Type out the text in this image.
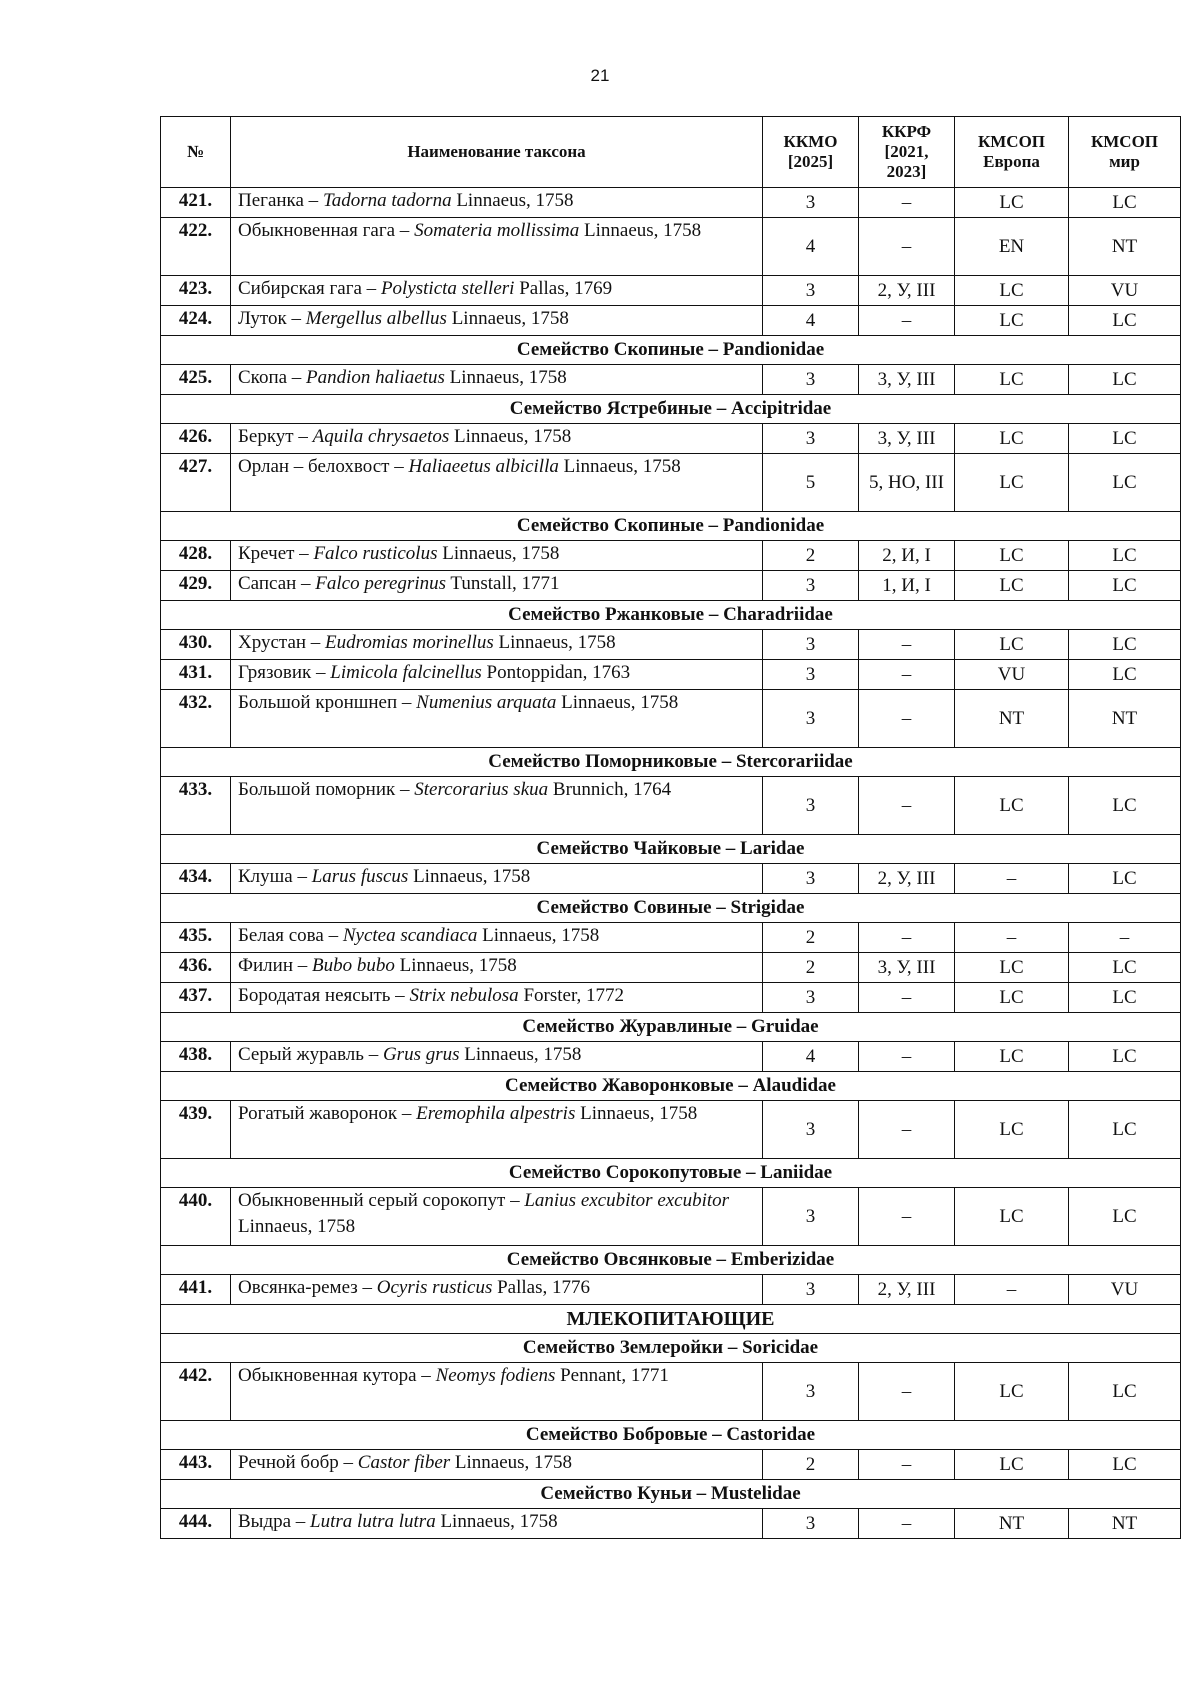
21
№	Наименование таксона	ККМО [2025]	ККРФ [2021, 2023]	КМСОП Европа	КМСОП мир
421.	Пеганка – Tadorna tadorna Linnaeus, 1758	3	–	LC	LC
422.	Обыкновенная гага – Somateria mollissima Linnaeus, 1758	4	–	EN	NT
423.	Сибирская гага – Polysticta stelleri Pallas, 1769	3	2, У, III	LC	VU
424.	Луток – Mergellus albellus Linnaeus, 1758	4	–	LC	LC
Семейство Скопиные – Pandionidae					
425.	Скопа – Pandion haliaetus Linnaeus, 1758	3	3, У, III	LC	LC
Семейство Ястребиные – Accipitridae					
426.	Беркут – Aquila chrysaetos Linnaeus, 1758	3	3, У, III	LC	LC
427.	Орлан – белохвост – Haliaeetus albicilla Linnaeus, 1758	5	5, НО, III	LC	LC
Семейство Скопиные – Pandionidae					
428.	Кречет – Falco rusticolus Linnaeus, 1758	2	2, И, I	LC	LC
429.	Сапсан – Falco peregrinus Tunstall, 1771	3	1, И, I	LC	LC
Семейство Ржанковые – Charadriidae					
430.	Хрустан – Eudromias morinellus Linnaeus, 1758	3	–	LC	LC
431.	Грязовик – Limicola falcinellus Pontoppidan, 1763	3	–	VU	LC
432.	Большой кроншнеп – Numenius arquata Linnaeus, 1758	3	–	NT	NT
Семейство Поморниковые – Stercorariidae					
433.	Большой поморник – Stercorarius skua Brunnich, 1764	3	–	LC	LC
Семейство Чайковые – Laridae					
434.	Клуша – Larus fuscus Linnaeus, 1758	3	2, У, III	–	LC
Семейство Совиные – Strigidae					
435.	Белая сова – Nyctea scandiaca Linnaeus, 1758	2	–	–	–
436.	Филин – Bubo bubo Linnaeus, 1758	2	3, У, III	LC	LC
437.	Бородатая неясыть – Strix nebulosa Forster, 1772	3	–	LC	LC
Семейство Журавлиные – Gruidae					
438.	Серый журавль – Grus grus Linnaeus, 1758	4	–	LC	LC
Семейство Жаворонковые – Alaudidae					
439.	Рогатый жаворонок – Eremophila alpestris Linnaeus, 1758	3	–	LC	LC
Семейство Сорокопутовые – Laniidae					
440.	Обыкновенный серый сорокопут – Lanius excubitor excubitor Linnaeus, 1758	3	–	LC	LC
Семейство Овсянковые – Emberizidae					
441.	Овсянка-ремез – Ocyris rusticus Pallas, 1776	3	2, У, III	–	VU
МЛЕКОПИТАЮЩИЕ					
Семейство Землеройки – Soricidae					
442.	Обыкновенная кутора – Neomys fodiens Pennant, 1771	3	–	LC	LC
Семейство Бобровые – Castoridae					
443.	Речной бобр – Castor fiber Linnaeus, 1758	2	–	LC	LC
Семейство Куньи – Mustelidae					
444.	Выдра – Lutra lutra lutra Linnaeus, 1758	3	–	NT	NT
